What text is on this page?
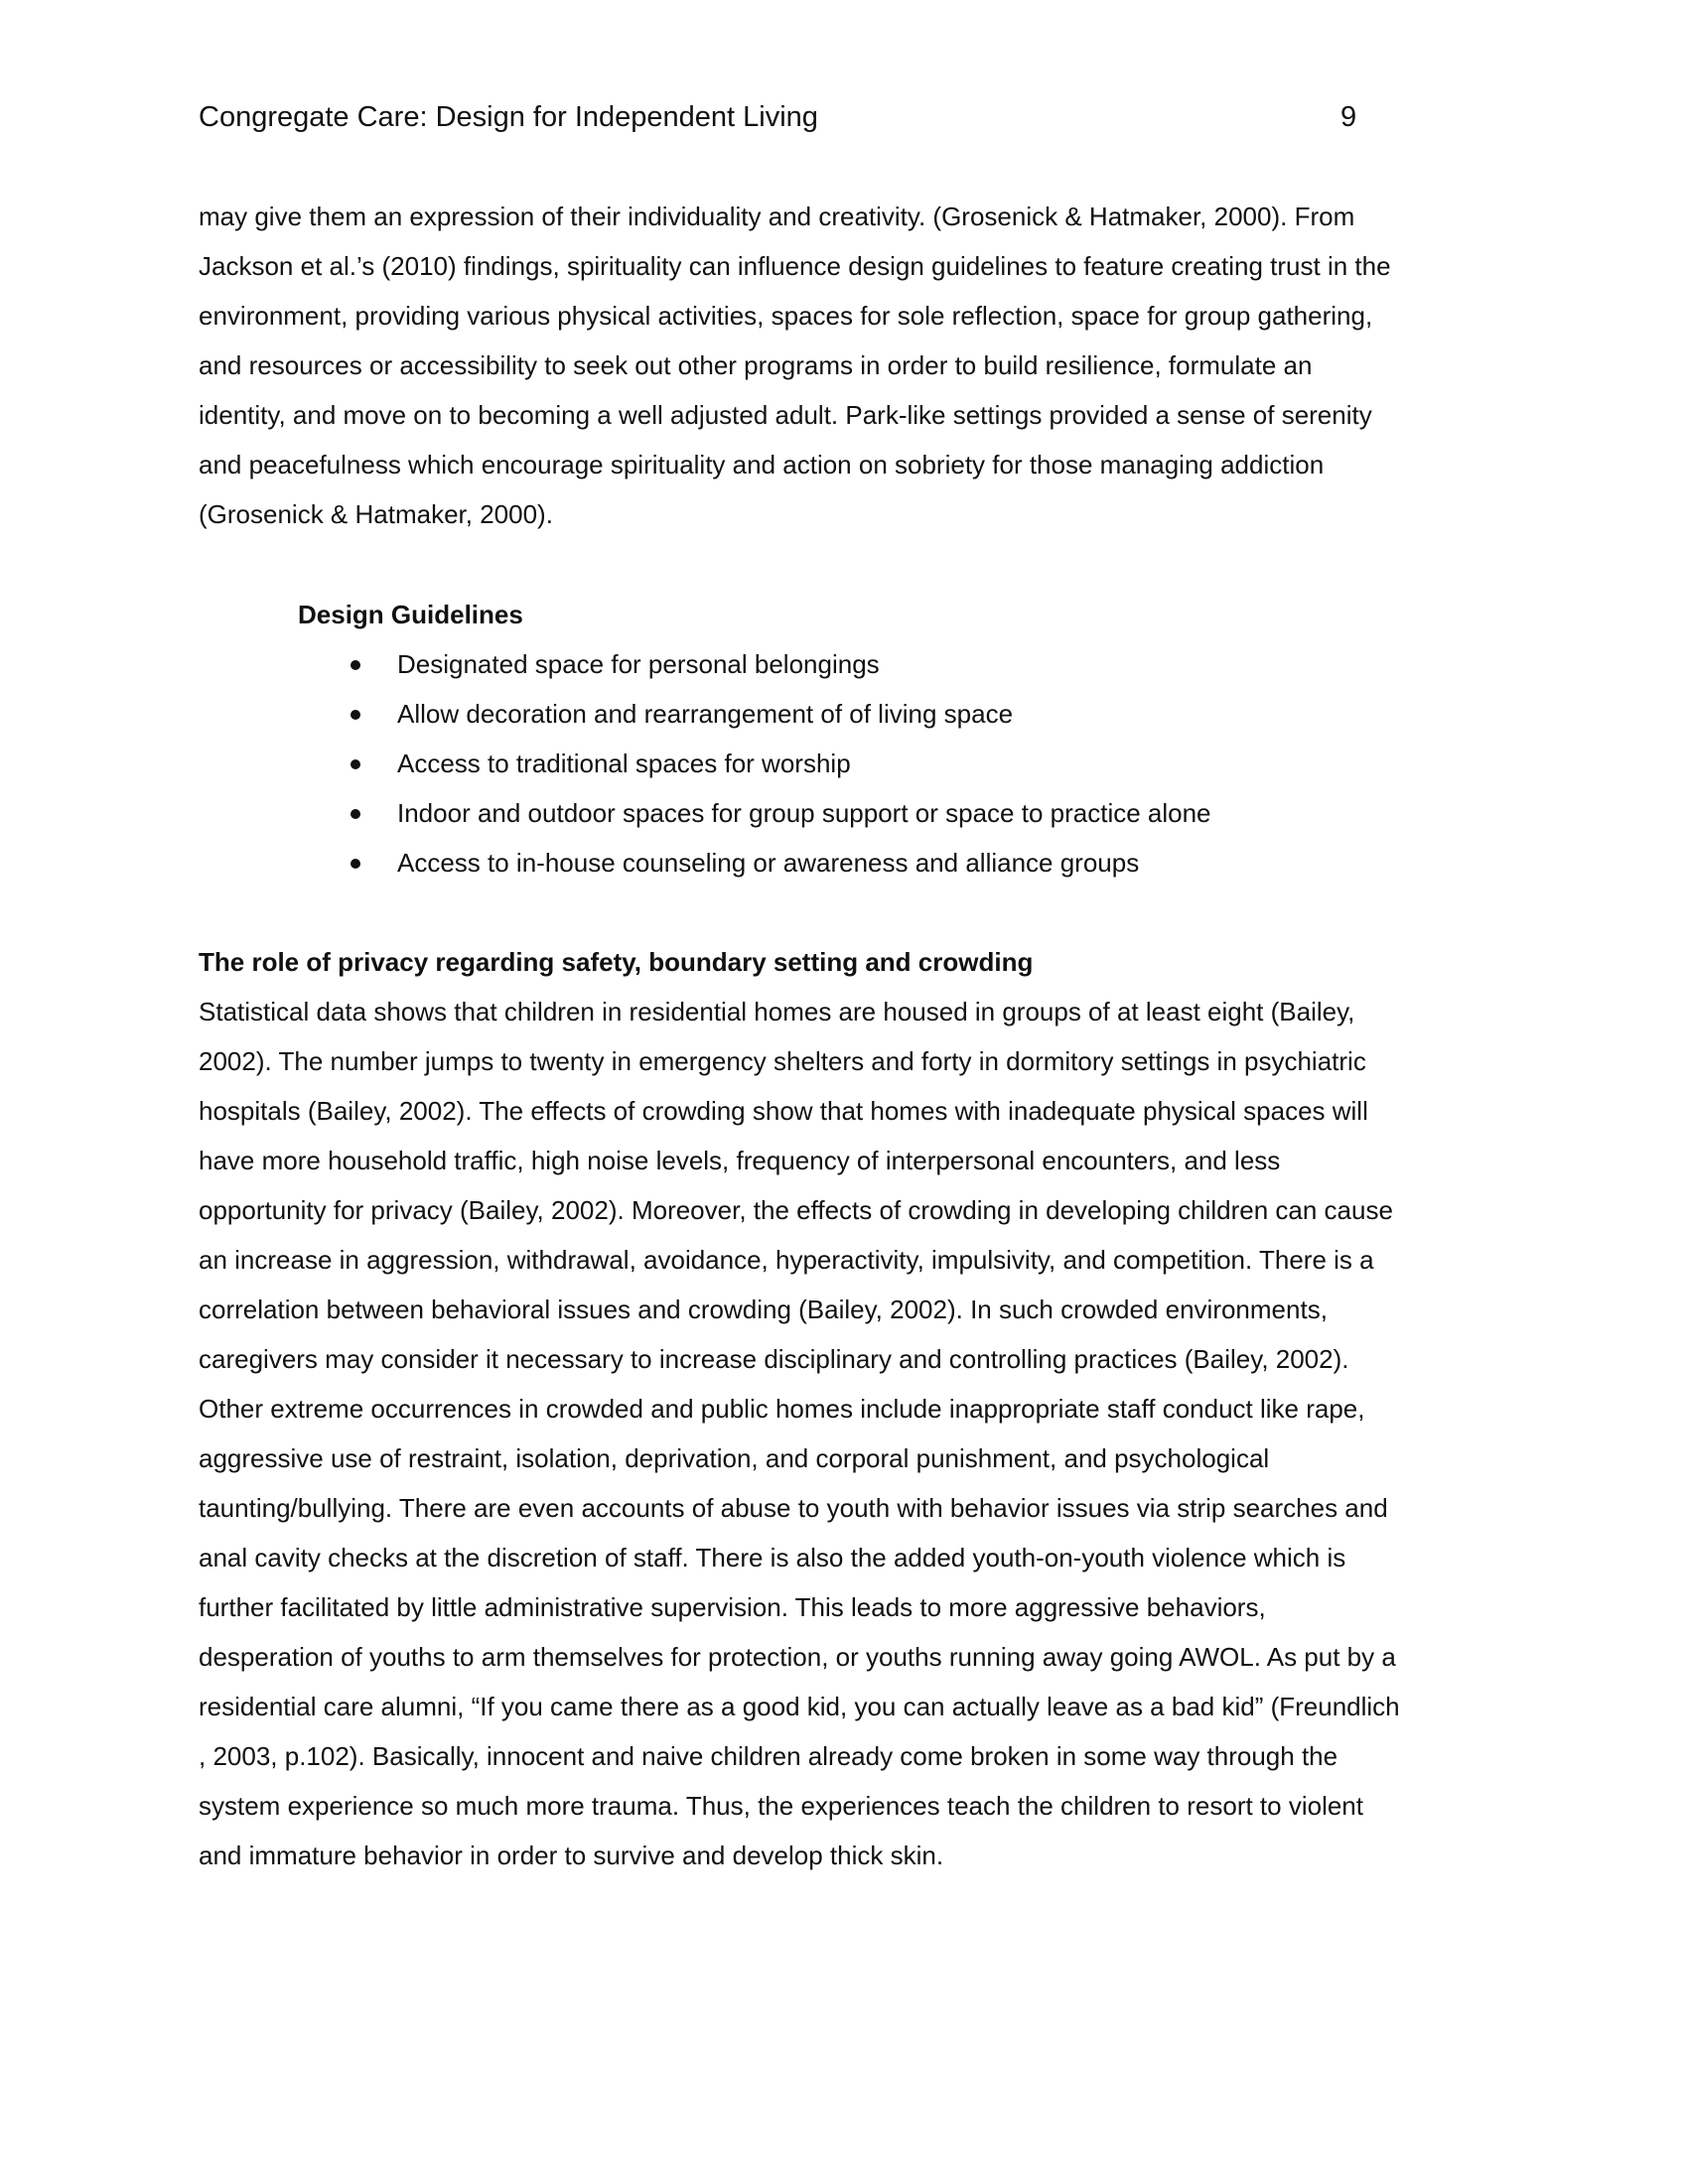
Congregate Care: Design for Independent Living	9

may give them an expression of their individuality and creativity. (Grosenick & Hatmaker, 2000). From
Jackson et al.’s (2010) findings, spirituality can influence design guidelines to feature creating trust in the
environment, providing various physical activities, spaces for sole reflection, space for group gathering,
and resources or accessibility to seek out other programs in order to build resilience, formulate an
identity, and move on to becoming a well adjusted adult. Park-like settings provided a sense of serenity
and peacefulness which encourage spirituality and action on sobriety for those managing addiction
(Grosenick & Hatmaker, 2000).

Design Guidelines
Designated space for personal belongings
Allow decoration and rearrangement of of living space
Access to traditional spaces for worship
Indoor and outdoor spaces for group support or space to practice alone
Access to in-house counseling or awareness and alliance groups
The role of privacy regarding safety, boundary setting and crowding

Statistical data shows that children in residential homes are housed in groups of at least eight (Bailey,
2002). The number jumps to twenty in emergency shelters and forty in dormitory settings in psychiatric
hospitals (Bailey, 2002). The effects of crowding show that homes with inadequate physical spaces will
have more household traffic, high noise levels, frequency of interpersonal encounters, and less
opportunity for privacy (Bailey, 2002). Moreover, the effects of crowding in developing children can cause
an increase in aggression, withdrawal, avoidance, hyperactivity, impulsivity, and competition. There is a
correlation between behavioral issues and crowding (Bailey, 2002). In such crowded environments,
caregivers may consider it necessary to increase disciplinary and controlling practices (Bailey, 2002).
Other extreme occurrences in crowded and public homes include inappropriate staff conduct like rape,
aggressive use of restraint, isolation, deprivation, and corporal punishment, and psychological
taunting/bullying. There are even accounts of abuse to youth with behavior issues via strip searches and
anal cavity checks at the discretion of staff. There is also the added youth-on-youth violence which is
further facilitated by little administrative supervision. This leads to more aggressive behaviors,
desperation of youths to arm themselves for protection, or youths running away going AWOL. As put by a
residential care alumni, “If you came there as a good kid, you can actually leave as a bad kid” (Freundlich
, 2003, p.102). Basically, innocent and naive children already come broken in some way through the
system experience so much more trauma. Thus, the experiences teach the children to resort to violent
and immature behavior in order to survive and develop thick skin.
